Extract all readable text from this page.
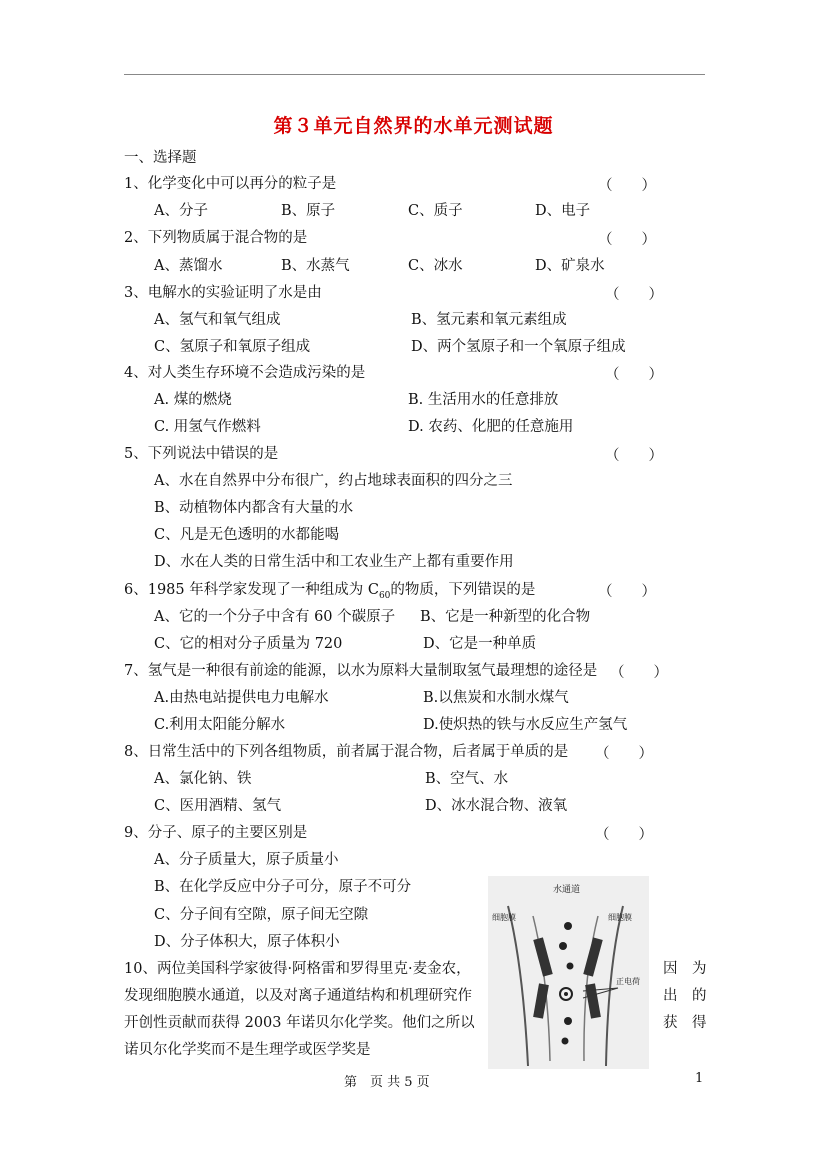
第３单元自然界的水单元测试题
一、选择题
1、化学变化中可以再分的粒子是	（　　）
A、分子	B、原子	C、质子	D、电子
2、下列物质属于混合物的是	（　　）
A、蒸馏水	B、水蒸气	C、冰水	D、矿泉水
3、电解水的实验证明了水是由	（　　）
A、氢气和氧气组成	B、氢元素和氧元素组成
C、氢原子和氧原子组成	D、两个氢原子和一个氧原子组成
4、对人类生存环境不会造成污染的是	（　　）
A. 煤的燃烧	B. 生活用水的任意排放
C. 用氢气作燃料	D. 农药、化肥的任意施用
5、下列说法中错误的是	（　　）
A、水在自然界中分布很广，约占地球表面积的四分之三
B、动植物体内都含有大量的水
C、凡是无色透明的水都能喝
D、水在人类的日常生活中和工农业生产上都有重要作用
6、1985 年科学家发现了一种组成为 $C_{60}$的物质，下列错误的是	（　　）
A、它的一个分子中含有 60 个碳原子 B、它是一种新型的化合物
C、它的相对分子质量为 720	D、它是一种单质
7、氢气是一种很有前途的能源，以水为原料大量制取氢气最理想的途径是 （　　）
A.由热电站提供电力电解水	B.以焦炭和水制水煤气
C.利用太阳能分解水	D.使炽热的铁与水反应生产氢气
8、日常生活中的下列各组物质，前者属于混合物，后者属于单质的是 （　　）
A、氯化钠、铁	B、空气、水
C、医用酒精、氢气	D、冰水混合物、液氧
9、分子、原子的主要区别是	（　　）
A、分子质量大，原子质量小
B、在化学反应中分子可分，原子不可分
C、分子间有空隙，原子间无空隙
D、分子体积大，原子体积小
10、两位美国科学家彼得·阿格雷和罗得里克·麦金农，	因　为
发现细胞膜水通道，以及对离子通道结构和机理研究作	出　的
开创性贡献而获得 2003 年诺贝尔化学奖。他们之所以	获　得
诺贝尔化学奖而不是生理学或医学奖是
水通道
细胞膜	细胞膜
正电荷
第　页 共 5 页	1
